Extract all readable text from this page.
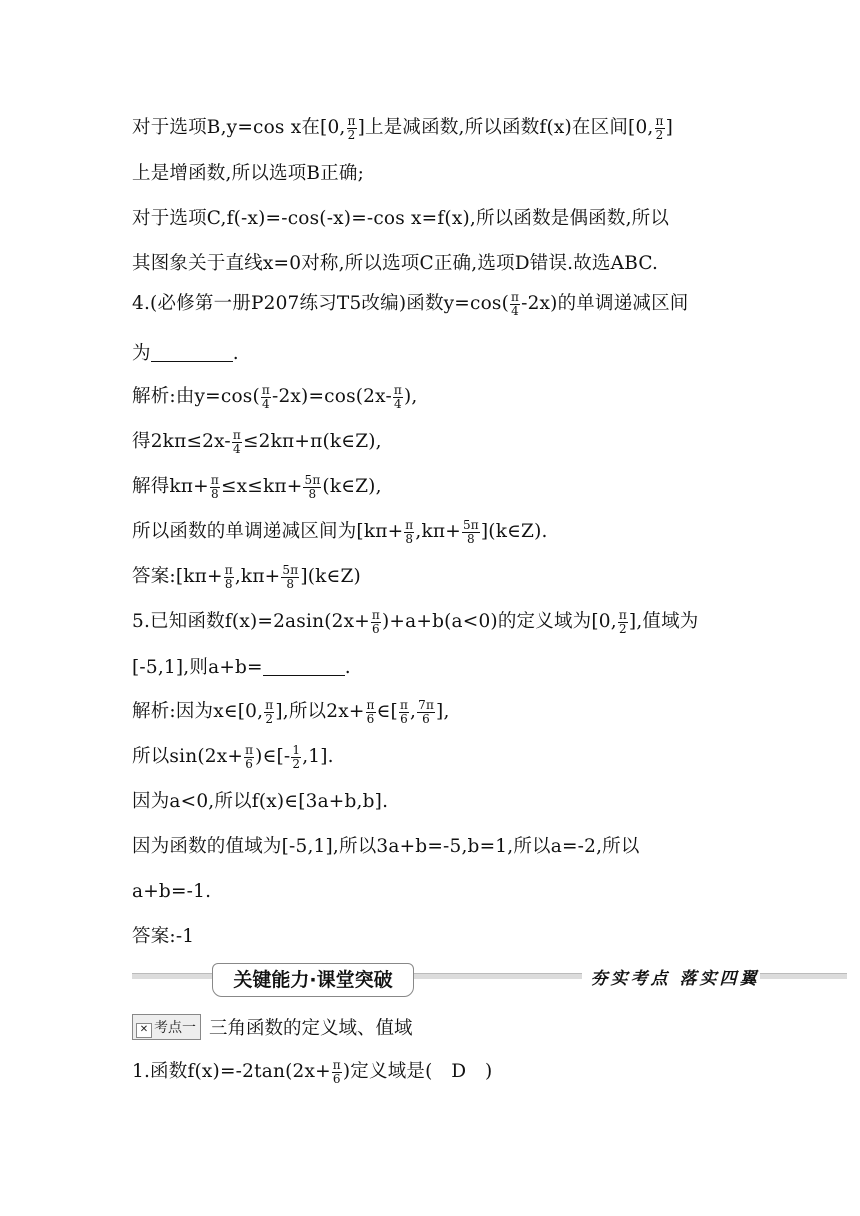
对于选项B,y=cos x在[0, $\frac{\pi}{2}$ ]上是减函数,所以函数f(x)在区间[0, $\frac{\pi}{2}$ ]
上是增函数,所以选项B正确;
对于选项C,f(-x)=-cos(-x)=-cos x=f(x),所以函数是偶函数,所以
其图象关于直线x=0对称,所以选项C正确,选项D错误.故选ABC.
4.(必修第一册P207练习T5改编)函数$y=\cos( \frac{\pi}{4} -2x)$的单调递减区间
为	.
解析:由$y=\cos( \frac{\pi}{4} -2x)=\cos(2x- \frac{\pi}{4}$ ),
得$2k\pi\le 2x- \frac{\pi}{4}$ ≤2kπ+π(k∈Z),
解得$k\pi+ \frac{\pi}{8} \le x\le k\pi+ \frac{5\pi}{8}$ (k∈Z),
所以函数的单调递减区间为[$k\pi+ \frac{\pi}{8} ,k\pi+ \frac{5\pi}{8}$ ](k∈Z).
答案:[kπ+ $\frac{\pi}{8} ,k\pi+ \frac{5\pi}{8}$ ](k∈Z)
5.已知函数$f(x)=2asin(2x+ \frac{\pi}{6} )+a+b(a<0)$的定义域为[0, $\frac{\pi}{2}$ ],值域为
[-5,1],则a+b=	.
解析:因为x∈[0, $\frac{\pi}{2}$ ],所以$2x+ \frac{\pi}{6}$ ∈[ $\frac{\pi}{6}$ , $\frac{7\pi}{6}$ ],
所以$\sin(2x+ \frac{\pi}{6}$ )∈[- $\frac{1}{2} ,1$].
因为a<0,所以f(x)∈[3a+b,b].
因为函数的值域为[-5,1],所以3a+b=-5,b=1,所以a=-2,所以
a+b=-1.
答案:-1
关键能力·课堂突破	夯实考点 落实四翼
✕ 考点一 三角函数的定义域、值域
1.函数$f(x)=-2\tan(2x+ \frac{\pi}{6}$ )定义域是(　D　)
